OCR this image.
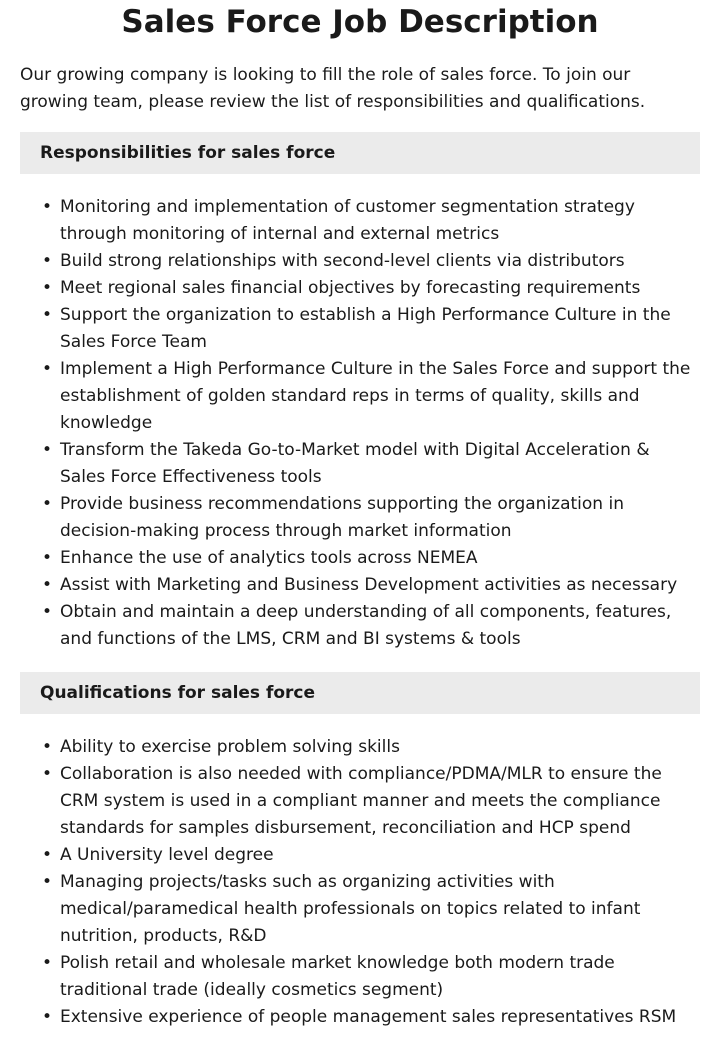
Sales Force Job Description

Our growing company is looking to fill the role of sales force. To join our growing team, please review the list of responsibilities and qualifications.

Responsibilities for sales force
• Monitoring and implementation of customer segmentation strategy through monitoring of internal and external metrics
• Build strong relationships with second-level clients via distributors
• Meet regional sales financial objectives by forecasting requirements
• Support the organization to establish a High Performance Culture in the Sales Force Team
• Implement a High Performance Culture in the Sales Force and support the establishment of golden standard reps in terms of quality, skills and knowledge
• Transform the Takeda Go-to-Market model with Digital Acceleration & Sales Force Effectiveness tools
• Provide business recommendations supporting the organization in decision-making process through market information
• Enhance the use of analytics tools across NEMEA
• Assist with Marketing and Business Development activities as necessary
• Obtain and maintain a deep understanding of all components, features, and functions of the LMS, CRM and BI systems & tools
Qualifications for sales force
• Ability to exercise problem solving skills
• Collaboration is also needed with compliance/PDMA/MLR to ensure the CRM system is used in a compliant manner and meets the compliance standards for samples disbursement, reconciliation and HCP spend
• A University level degree
• Managing projects/tasks such as organizing activities with medical/paramedical health professionals on topics related to infant nutrition, products, R&D
• Polish retail and wholesale market knowledge both modern trade traditional trade (ideally cosmetics segment)
• Extensive experience of people management sales representatives RSM
